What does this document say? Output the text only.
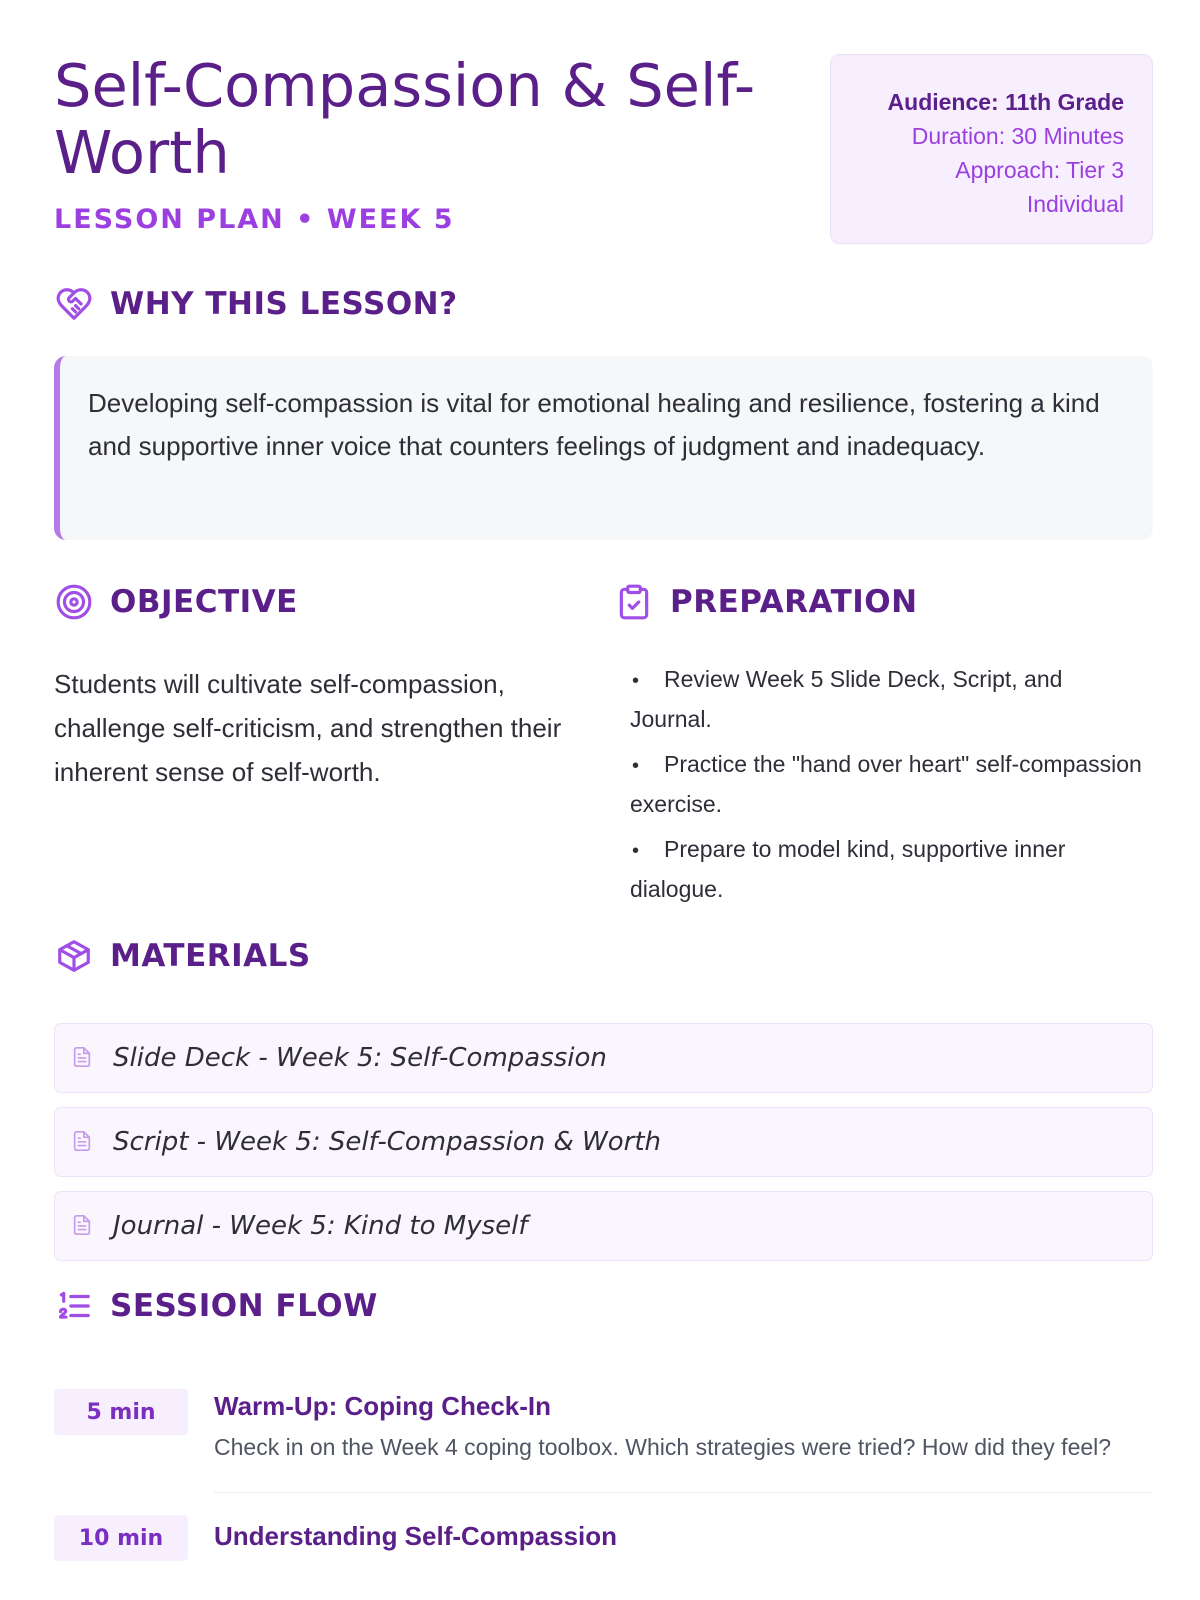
Self-Compassion & Self-Worth
LESSON PLAN • WEEK 5
Audience: 11th Grade
Duration: 30 Minutes
Approach: Tier 3
Individual
WHY THIS LESSON?

Developing self-compassion is vital for emotional healing and resilience, fostering a kind and supportive inner voice that counters feelings of judgment and inadequacy.

OBJECTIVE
Students will cultivate self-compassion, challenge self-criticism, and strengthen their inherent sense of self-worth.
PREPARATION
• Review Week 5 Slide Deck, Script, and Journal.
• Practice the "hand over heart" self-compassion exercise.
• Prepare to model kind, supportive inner dialogue.
MATERIALS
Slide Deck - Week 5: Self-Compassion
Script - Week 5: Self-Compassion & Worth
Journal - Week 5: Kind to Myself
SESSION FLOW
5 min	Warm-Up: Coping Check-In
Check in on the Week 4 coping toolbox. Which strategies were tried? How did they feel?
10 min	Understanding Self-Compassion
